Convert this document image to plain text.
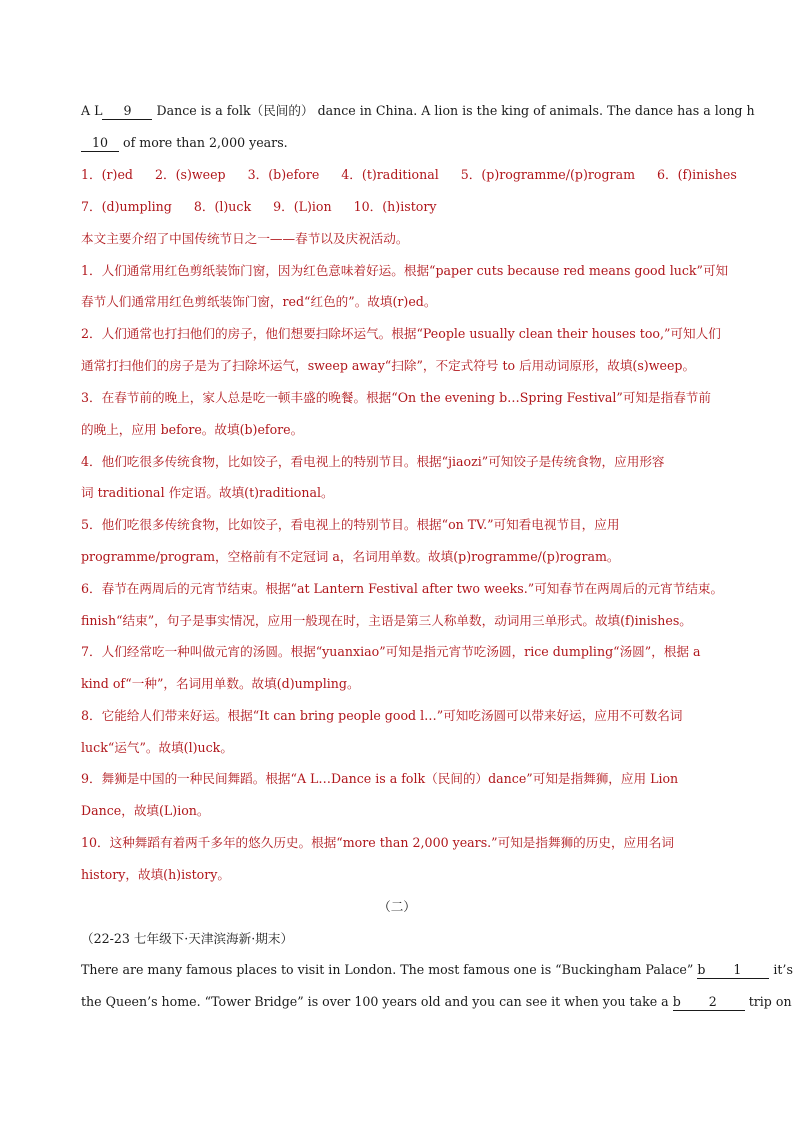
A L 9 Dance is a folk（民间的） dance in China. A lion is the king of animals. The dance has a long h
10 of more than 2,000 years.
1．(r)ed 2．(s)weep 3．(b)efore 4．(t)raditional 5．(p)rogramme/(p)rogram 6．(f)inishes
7．(d)umpling 8．(l)uck 9．(L)ion 10．(h)istory
本文主要介绍了中国传统节日之一——春节以及庆祝活动。
1．人们通常用红色剪纸装饰门窗，因为红色意味着好运。根据“paper cuts because red means good luck”可知
春节人们通常用红色剪纸装饰门窗，red“红色的”。故填(r)ed。
2．人们通常也打扫他们的房子，他们想要扫除坏运气。根据“People usually clean their houses too,”可知人们
通常打扫他们的房子是为了扫除坏运气，sweep away“扫除”，不定式符号 to 后用动词原形，故填(s)weep。
3．在春节前的晚上，家人总是吃一顿丰盛的晚餐。根据“On the evening b…Spring Festival”可知是指春节前
的晚上，应用 before。故填(b)efore。
4．他们吃很多传统食物，比如饺子，看电视上的特别节目。根据“jiaozi”可知饺子是传统食物，应用形容
词 traditional 作定语。故填(t)raditional。
5．他们吃很多传统食物，比如饺子，看电视上的特别节目。根据“on TV.”可知看电视节目，应用
programme/program，空格前有不定冠词 a，名词用单数。故填(p)rogramme/(p)rogram。
6．春节在两周后的元宵节结束。根据“at Lantern Festival after two weeks.”可知春节在两周后的元宵节结束。
finish“结束”，句子是事实情况，应用一般现在时，主语是第三人称单数，动词用三单形式。故填(f)inishes。
7．人们经常吃一种叫做元宵的汤圆。根据“yuanxiao”可知是指元宵节吃汤圆，rice dumpling“汤圆”，根据 a
kind of“一种”，名词用单数。故填(d)umpling。
8．它能给人们带来好运。根据“It can bring people good l…”可知吃汤圆可以带来好运，应用不可数名词
luck“运气”。故填(l)uck。
9．舞狮是中国的一种民间舞蹈。根据“A L…Dance is a folk（民间的）dance”可知是指舞狮，应用 Lion
Dance，故填(L)ion。
10．这种舞蹈有着两千多年的悠久历史。根据“more than 2,000 years.”可知是指舞狮的历史，应用名词
history，故填(h)istory。
（二）
（22-23 七年级下·天津滨海新·期末）
There are many famous places to visit in London. The most famous one is “Buckingham Palace” b 1 it’s
the Queen’s home. “Tower Bridge” is over 100 years old and you can see it when you take a b 2 trip on
